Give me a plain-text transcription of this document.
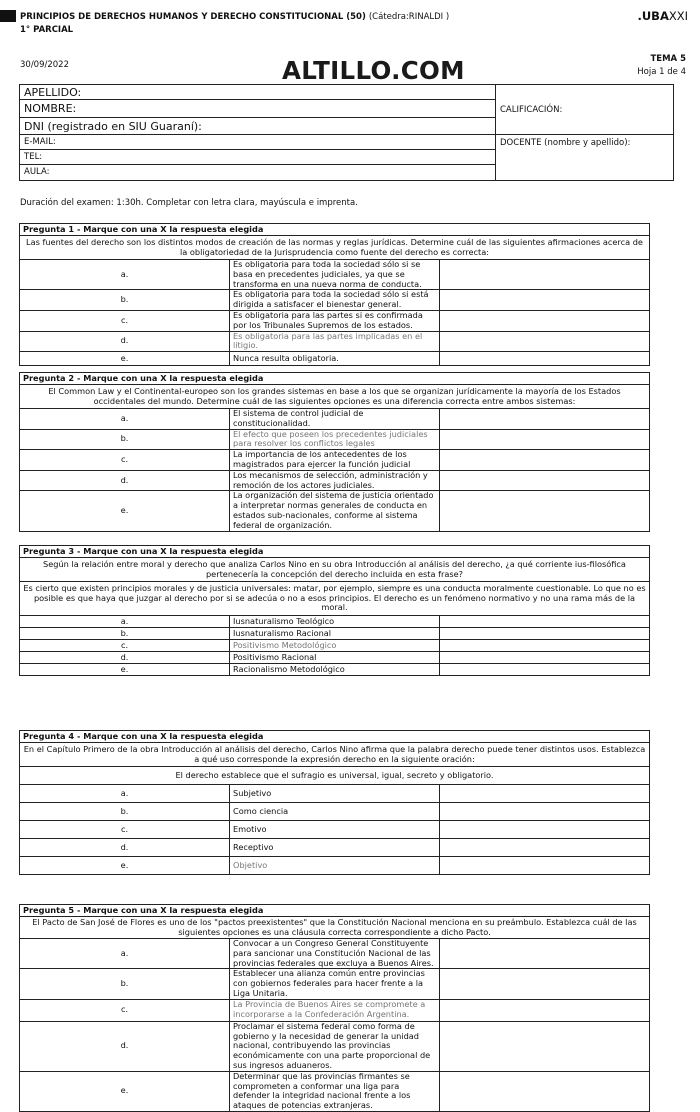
PRINCIPIOS DE DERECHOS HUMANOS Y DERECHO CONSTITUCIONAL (50) (Cátedra:RINALDI )
1° PARCIAL
.UBAXXI
30/09/2022	ALTILLO.COM	TEMA 5
Hoja 1 de 4
APELLIDO:
NOMBRE:
DNI (registrado en SIU Guaraní):
E-MAIL:
TEL:
AULA:
CALIFICACIÓN:
DOCENTE (nombre y apellido):
Duración del examen: 1:30h. Completar con letra clara, mayúscula e imprenta.
Pregunta 1 - Marque con una X la respuesta elegida		
Las fuentes del derecho son los distintos modos de creación de las normas y reglas jurídicas. Determine cuál de las siguientes afirmaciones acerca de la obligatoriedad de la Jurisprudencia como fuente del derecho es correcta:		
a.	Es obligatoria para toda la sociedad sólo si se basa en precedentes judiciales, ya que se transforma en una nueva norma de conducta.	
b.	Es obligatoria para toda la sociedad sólo si está dirigida a satisfacer el bienestar general.	
c.	Es obligatoria para las partes si es confirmada por los Tribunales Supremos de los estados.	
d.	Es obligatoria para las partes implicadas en el litigio.	
e.	Nunca resulta obligatoria.	
Pregunta 2 - Marque con una X la respuesta elegida		
El Common Law y el Continental-europeo son los grandes sistemas en base a los que se organizan jurídicamente la mayoría de los Estados occidentales del mundo. Determine cuál de las siguientes opciones es una diferencia correcta entre ambos sistemas:		
a.	El sistema de control judicial de constitucionalidad.	
b.	El efecto que poseen los precedentes judiciales para resolver los conflictos legales	
c.	La importancia de los antecedentes de los magistrados para ejercer la función judicial	
d.	Los mecanismos de selección, administración y remoción de los actores judiciales.	
e.	La organización del sistema de justicia orientado a interpretar normas generales de conducta en estados sub-nacionales, conforme al sistema federal de organización.	
Pregunta 3 - Marque con una X la respuesta elegida		
Según la relación entre moral y derecho que analiza Carlos Nino en su obra Introducción al análisis del derecho, ¿a qué corriente ius-filosófica pertenecería la concepción del derecho incluida en esta frase?		
Es cierto que existen principios morales y de justicia universales: matar, por ejemplo, siempre es una conducta moralmente cuestionable. Lo que no es posible es que haya que juzgar al derecho por si se adecúa o no a esos principios. El derecho es un fenómeno normativo y no una rama más de la moral.		
a.	Iusnaturalismo Teológico	
b.	Iusnaturalismo Racional	
c.	Positivismo Metodológico	
d.	Positivismo Racional	
e.	Racionalismo Metodológico	
Pregunta 4 - Marque con una X la respuesta elegida		
En el Capítulo Primero de la obra Introducción al análisis del derecho, Carlos Nino afirma que la palabra derecho puede tener distintos usos. Establezca a qué uso corresponde la expresión derecho en la siguiente oración:		
El derecho establece que el sufragio es universal, igual, secreto y obligatorio.		
a.	Subjetivo	
b.	Como ciencia	
c.	Emotivo	
d.	Receptivo	
e.	Objetivo	
Pregunta 5 - Marque con una X la respuesta elegida		
El Pacto de San José de Flores es uno de los "pactos preexistentes" que la Constitución Nacional menciona en su preámbulo. Establezca cuál de las siguientes opciones es una cláusula correcta correspondiente a dicho Pacto.		
a.	Convocar a un Congreso General Constituyente para sancionar una Constitución Nacional de las provincias federales que excluya a Buenos Aires.	
b.	Establecer una alianza común entre provincias con gobiernos federales para hacer frente a la Liga Unitaria.	
c.	La Provincia de Buenos Aires se compromete a incorporarse a la Confederación Argentina.	
d.	Proclamar el sistema federal como forma de gobierno y la necesidad de generar la unidad nacional, contribuyendo las provincias económicamente con una parte proporcional de sus ingresos aduaneros.	
e.	Determinar que las provincias firmantes se comprometen a conformar una liga para defender la integridad nacional frente a los ataques de potencias extranjeras.	
